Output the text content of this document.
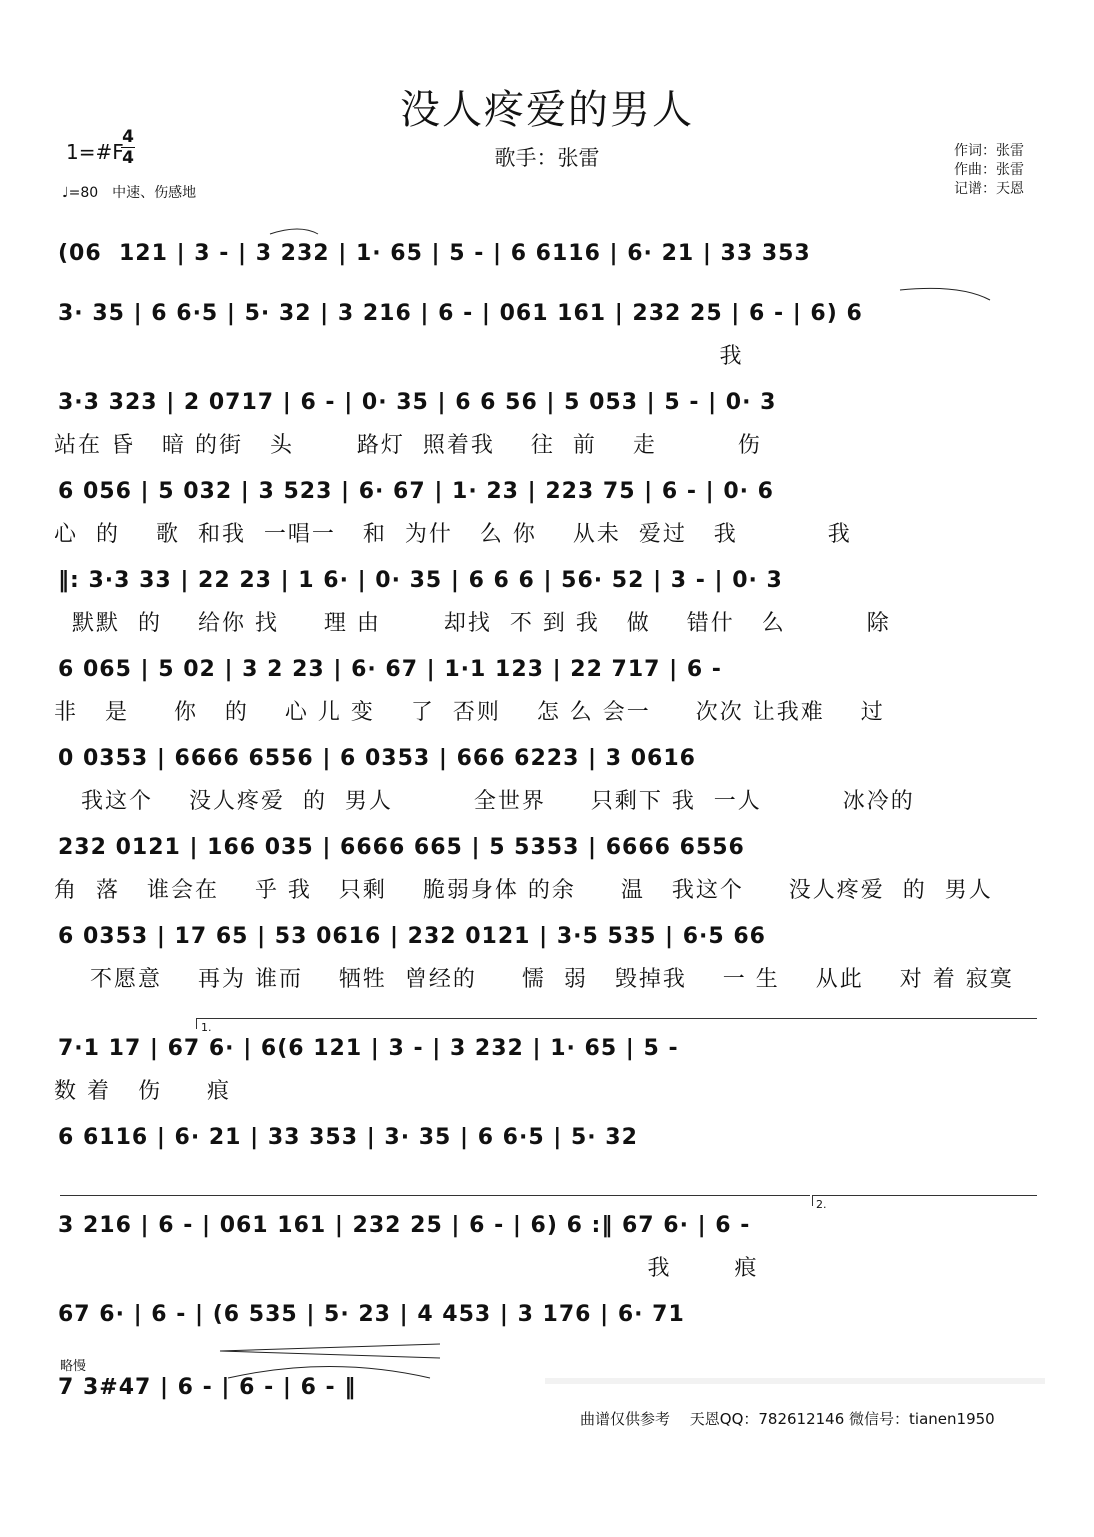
没人疼爱的男人
歌手：张雷
1=#F
4
4
♩=80　中速、伤感地
作词：张雷
作曲：张雷
记谱：天恩
(06  121 | 3 - | 3 232 | 1· 65 | 5 - | 6 6116 | 6· 21 | 33 353
3· 35 | 6 6·5 | 5· 32 | 3 216 | 6 - | 061 161 | 232 25 | 6 - | 6) 6
我
3·3 323 | 2 0717 | 6 - | 0· 35 | 6 6 56 | 5 053 | 5 - | 0· 3
站在 昏   暗 的街   头       路灯  照着我    往  前    走         伤
6 056 | 5 032 | 3 523 | 6· 67 | 1· 23 | 223 75 | 6 - | 0· 6
心  的    歌  和我  一唱一   和  为什   么 你    从未  爱过   我          我
‖: 3·3 33 | 22 23 | 1 6· | 0· 35 | 6 6 6 | 56· 52 | 3 - | 0· 3
默默  的    给你 找     理 由       却找  不 到 我   做    错什   么         除
6 065 | 5 02 | 3 2 23 | 6· 67 | 1·1 123 | 22 717 | 6 -
非   是     你   的    心 儿 变    了  否则    怎 么 会一     次次 让我难    过
0 0353 | 6666 6556 | 6 0353 | 666 6223 | 3 0616
我这个    没人疼爱  的  男人         全世界     只剩下 我  一人         冰冷的
232 0121 | 166 035 | 6666 665 | 5 5353 | 6666 6556
角  落   谁会在    乎 我   只剩    脆弱身体 的余     温   我这个     没人疼爱  的  男人
6 0353 | 17 65 | 53 0616 | 232 0121 | 3·5 535 | 6·5 66
不愿意    再为 谁而    牺牲  曾经的     懦  弱   毁掉我    一 生    从此    对 着 寂寞
7·1 17 | 67 6· | 6(6 121 | 3 - | 3 232 | 1· 65 | 5 -
数 着   伤     痕
6 6116 | 6· 21 | 33 353 | 3· 35 | 6 6·5 | 5· 32
3 216 | 6 - | 061 161 | 232 25 | 6 - | 6) 6 :‖ 67 6· | 6 -
我       痕
67 6· | 6 - | (6 535 | 5· 23 | 4 453 | 3 176 | 6· 71
7 3#47 | 6 - | 6 - | 6 - ‖
1.
2.
略慢
曲谱仅供参考　 天恩QQ：782612146 微信号：tianen1950
